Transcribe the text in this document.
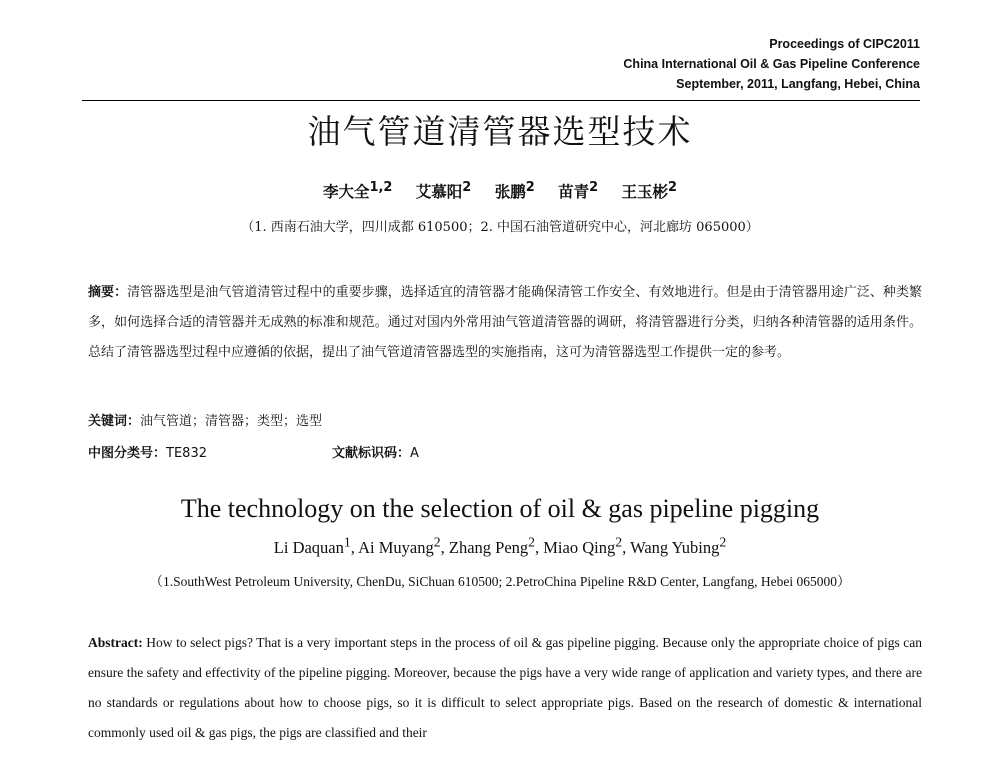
Proceedings of CIPC2011
China International Oil & Gas Pipeline Conference
September, 2011, Langfang, Hebei, China
油气管道清管器选型技术
李大全$^{1,2}$ 艾慕阳$^2$ 张鹏$^2$ 苗青$^2$ 王玉彬$^2$
（1. 西南石油大学，四川成都 610500；2. 中国石油管道研究中心，河北廊坊 065000）
摘要：清管器选型是油气管道清管过程中的重要步骤，选择适宜的清管器才能确保清管工作安全、有效地进行。但是由于清管器用途广泛、种类繁多，如何选择合适的清管器并无成熟的标准和规范。通过对国内外常用油气管道清管器的调研，将清管器进行分类，归纳各种清管器的适用条件。总结了清管器选型过程中应遵循的依据，提出了油气管道清管器选型的实施指南，这可为清管器选型工作提供一定的参考。
关键词：油气管道；清管器；类型；选型
中图分类号：TE832	文献标识码：A
The technology on the selection of oil & gas pipeline pigging
Li Daquan$^1$, Ai Muyang$^2$, Zhang Peng$^2$, Miao Qing$^2$, Wang Yubing$^2$
（1.SouthWest Petroleum University, ChenDu, SiChuan 610500; 2.PetroChina Pipeline R&D Center, Langfang, Hebei 065000）
Abstract: How to select pigs? That is a very important steps in the process of oil & gas pipeline pigging. Because only the appropriate choice of pigs can ensure the safety and effectivity of the pipeline pigging. Moreover, because the pigs have a very wide range of application and variety types, and there are no standards or regulations about how to choose pigs, so it is difficult to select appropriate pigs. Based on the research of domestic & international commonly used oil & gas pigs, the pigs are classified and their
